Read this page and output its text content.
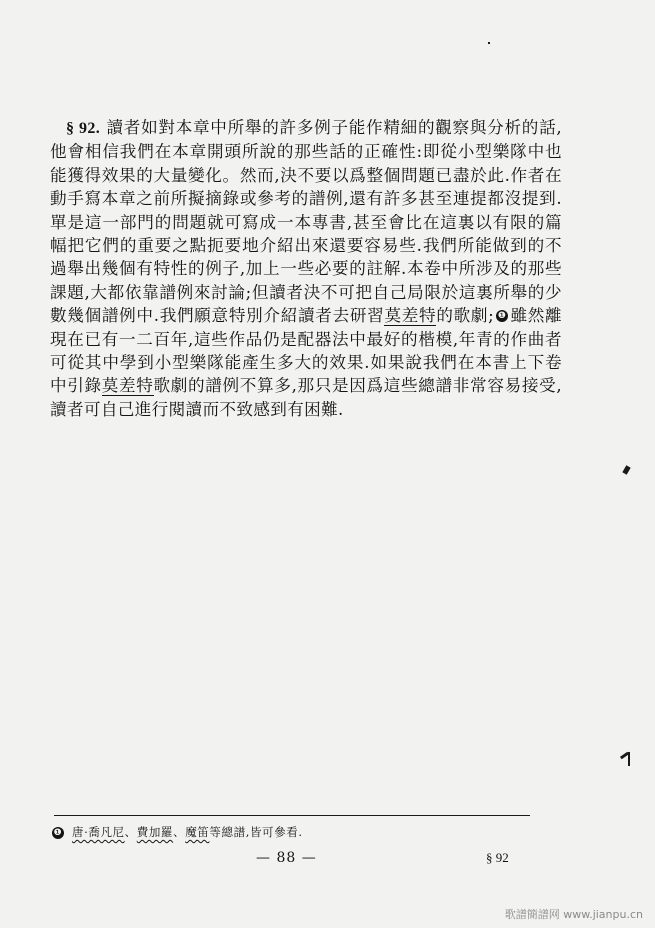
§ 92. 讀者如對本章中所舉的許多例子能作精細的觀察與分析的話,他會相信我們在本章開頭所說的那些話的正確性:即從小型樂隊中也能獲得效果的大量變化。然而,決不要以爲整個問題已盡於此.作者在動手寫本章之前所擬摘錄或參考的譜例,還有許多甚至連提都沒提到.單是這一部門的問題就可寫成一本專書,甚至會比在這裏以有限的篇幅把它們的重要之點扼要地介紹出來還要容易些.我們所能做到的不過舉出幾個有特性的例子,加上一些必要的註解.本卷中所涉及的那些課題,大都依靠譜例來討論;但讀者決不可把自己局限於這裏所舉的少數幾個譜例中.我們願意特別介紹讀者去研習莫差特的歌劇; ❶ 雖然離現在已有一二百年,這些作品仍是配器法中最好的楷模,年青的作曲者可從其中學到小型樂隊能產生多大的效果.如果說我們在本書上下卷中引錄莫差特歌劇的譜例不算多,那只是因爲這些總譜非常容易接受,讀者可自己進行閱讀而不致感到有困難.

❶ 唐·喬凡尼、費加羅、魔笛等總譜,皆可參看.
— 88 —	§ 92
歌譜簡譜网 www.jianpu.cn
